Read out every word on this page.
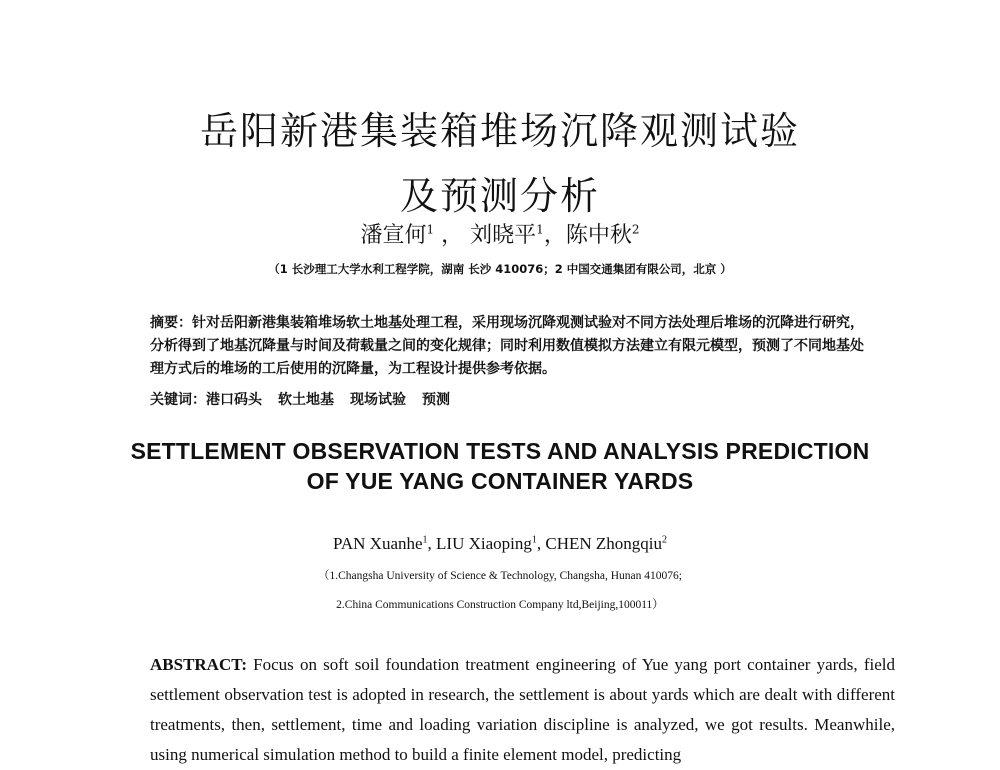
岳阳新港集装箱堆场沉降观测试验
及预测分析
潘宣何$^1$ ， 刘晓平$^1$，陈中秋$^2$
（1 长沙理工大学水利工程学院，湖南 长沙 410076；2 中国交通集团有限公司，北京 ）

摘要：针对岳阳新港集装箱堆场软土地基处理工程，采用现场沉降观测试验对不同方法处理后堆场的沉降进行研究，分析得到了地基沉降量与时间及荷载量之间的变化规律；同时利用数值模拟方法建立有限元模型，预测了不同地基处理方式后的堆场的工后使用的沉降量，为工程设计提供参考依据。

关键词：港口码头 软土地基 现场试验 预测
SETTLEMENT OBSERVATION TESTS AND ANALYSIS PREDICTION
OF YUE YANG CONTAINER YARDS
PAN Xuanhe$^1$, LIU Xiaoping$^1$, CHEN Zhongqiu$^2$
（1.Changsha University of Science & Technology, Changsha, Hunan 410076;
2.China Communications Construction Company ltd,Beijing,100011）

ABSTRACT: Focus on soft soil foundation treatment engineering of Yue yang port container yards, field settlement observation test is adopted in research, the settlement is about yards which are dealt with different treatments, then, settlement, time and loading variation discipline is analyzed, we got results. Meanwhile, using numerical simulation method to build a finite element model, predicting
